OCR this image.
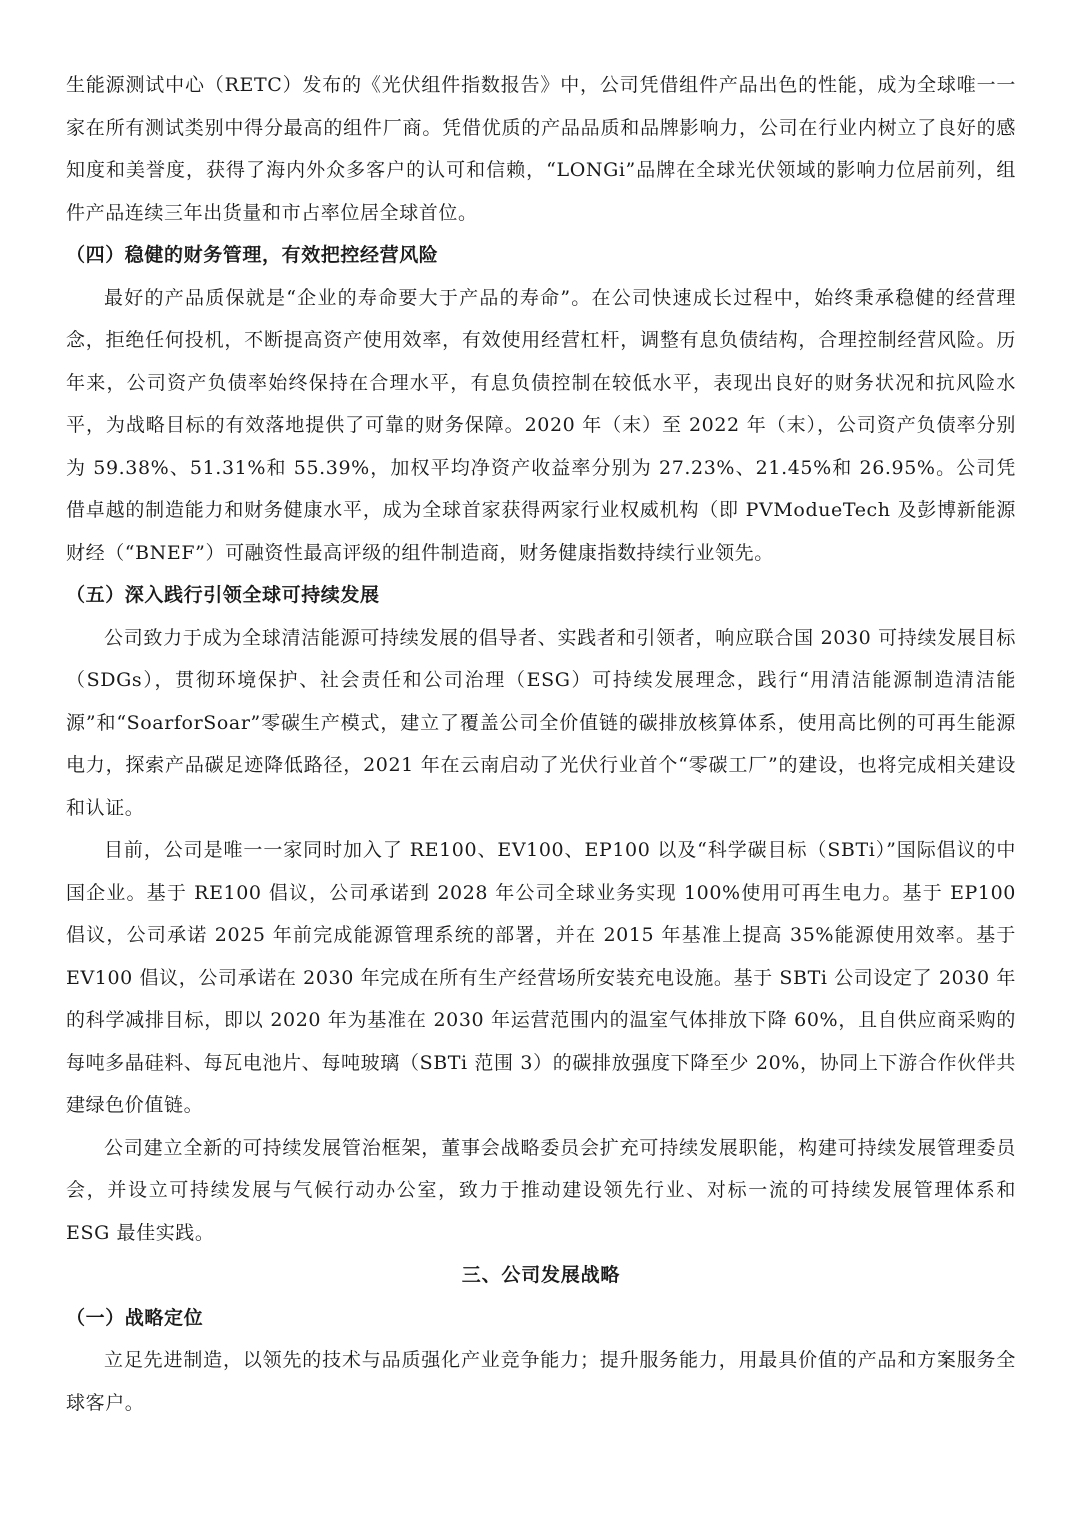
生能源测试中心（RETC）发布的《光伏组件指数报告》中，公司凭借组件产品出色的性能，成为全球唯一一家在所有测试类别中得分最高的组件厂商。凭借优质的产品品质和品牌影响力，公司在行业内树立了良好的感知度和美誉度，获得了海内外众多客户的认可和信赖，“LONGi”品牌在全球光伏领域的影响力位居前列，组件产品连续三年出货量和市占率位居全球首位。

（四）稳健的财务管理，有效把控经营风险

最好的产品质保就是“企业的寿命要大于产品的寿命”。在公司快速成长过程中，始终秉承稳健的经营理念，拒绝任何投机，不断提高资产使用效率，有效使用经营杠杆，调整有息负债结构，合理控制经营风险。历年来，公司资产负债率始终保持在合理水平，有息负债控制在较低水平，表现出良好的财务状况和抗风险水平，为战略目标的有效落地提供了可靠的财务保障。2020 年（末）至 2022 年（末），公司资产负债率分别为 59.38%、51.31%和 55.39%，加权平均净资产收益率分别为 27.23%、21.45%和 26.95%。公司凭借卓越的制造能力和财务健康水平，成为全球首家获得两家行业权威机构（即 PVModueTech 及彭博新能源财经（“BNEF”）可融资性最高评级的组件制造商，财务健康指数持续行业领先。

（五）深入践行引领全球可持续发展

公司致力于成为全球清洁能源可持续发展的倡导者、实践者和引领者，响应联合国 2030 可持续发展目标（SDGs），贯彻环境保护、社会责任和公司治理（ESG）可持续发展理念，践行“用清洁能源制造清洁能源”和“SoarforSoar”零碳生产模式，建立了覆盖公司全价值链的碳排放核算体系，使用高比例的可再生能源电力，探索产品碳足迹降低路径，2021 年在云南启动了光伏行业首个“零碳工厂”的建设，也将完成相关建设和认证。

目前，公司是唯一一家同时加入了 RE100、EV100、EP100 以及“科学碳目标（SBTi）”国际倡议的中国企业。基于 RE100 倡议，公司承诺到 2028 年公司全球业务实现 100%使用可再生电力。基于 EP100 倡议，公司承诺 2025 年前完成能源管理系统的部署，并在 2015 年基准上提高 35%能源使用效率。基于 EV100 倡议，公司承诺在 2030 年完成在所有生产经营场所安装充电设施。基于 SBTi 公司设定了 2030 年的科学减排目标，即以 2020 年为基准在 2030 年运营范围内的温室气体排放下降 60%，且自供应商采购的每吨多晶硅料、每瓦电池片、每吨玻璃（SBTi 范围 3）的碳排放强度下降至少 20%，协同上下游合作伙伴共建绿色价值链。

公司建立全新的可持续发展管治框架，董事会战略委员会扩充可持续发展职能，构建可持续发展管理委员会，并设立可持续发展与气候行动办公室，致力于推动建设领先行业、对标一流的可持续发展管理体系和 ESG 最佳实践。

三、公司发展战略
（一）战略定位

立足先进制造，以领先的技术与品质强化产业竞争能力；提升服务能力，用最具价值的产品和方案服务全球客户。
